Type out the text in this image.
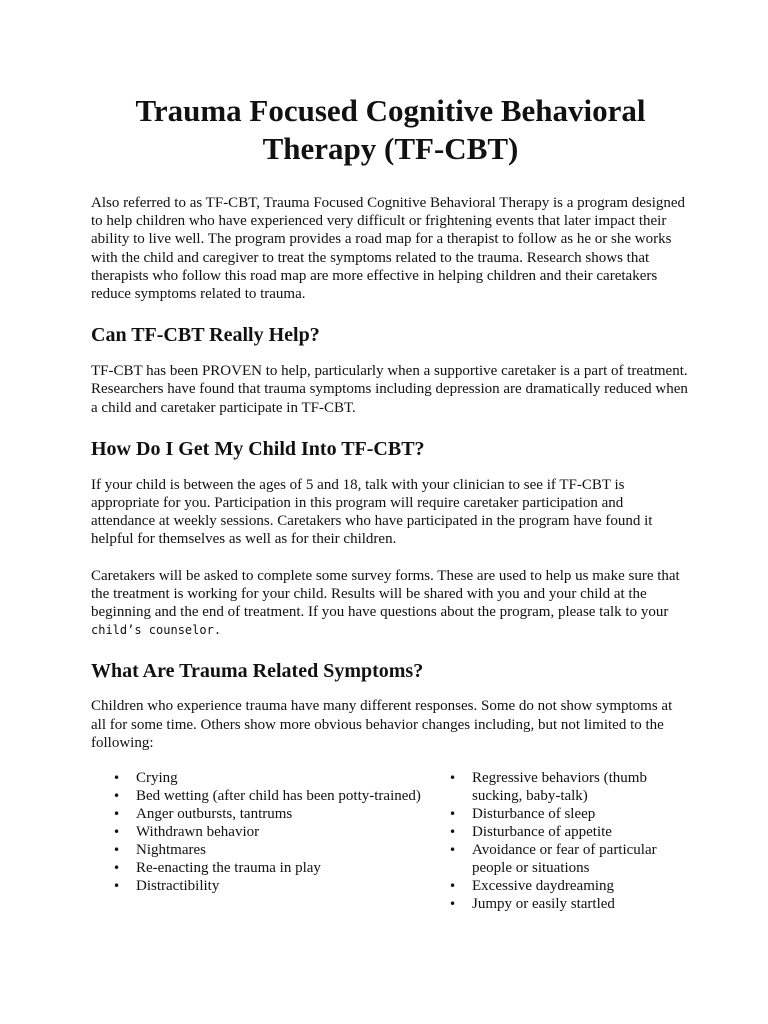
Trauma Focused Cognitive Behavioral
Therapy (TF-CBT)

Also referred to as TF-CBT, Trauma Focused Cognitive Behavioral Therapy is a program designed to help children who have experienced very difficult or frightening events that later impact their ability to live well. The program provides a road map for a therapist to follow as he or she works with the child and caregiver to treat the symptoms related to the trauma. Research shows that therapists who follow this road map are more effective in helping children and their caretakers reduce symptoms related to trauma.

Can TF-CBT Really Help?

TF-CBT has been PROVEN to help, particularly when a supportive caretaker is a part of treatment. Researchers have found that trauma symptoms including depression are dramatically reduced when a child and caretaker participate in TF-CBT.

How Do I Get My Child Into TF-CBT?

If your child is between the ages of 5 and 18, talk with your clinician to see if TF-CBT is appropriate for you. Participation in this program will require caretaker participation and attendance at weekly sessions. Caretakers who have participated in the program have found it helpful for themselves as well as for their children.

Caretakers will be asked to complete some survey forms. These are used to help us make sure that the treatment is working for your child. Results will be shared with you and your child at the beginning and the end of treatment. If you have questions about the program, please talk to your child’s counselor.

What Are Trauma Related Symptoms?

Children who experience trauma have many different responses. Some do not show symptoms at all for some time. Others show more obvious behavior changes including, but not limited to the following:

• Crying
• Bed wetting (after child has been potty-trained)
• Anger outbursts, tantrums
• Withdrawn behavior
• Nightmares
• Re-enacting the trauma in play
• Distractibility
• Regressive behaviors (thumb sucking, baby-talk)
• Disturbance of sleep
• Disturbance of appetite
• Avoidance or fear of particular people or situations
• Excessive daydreaming
• Jumpy or easily startled
